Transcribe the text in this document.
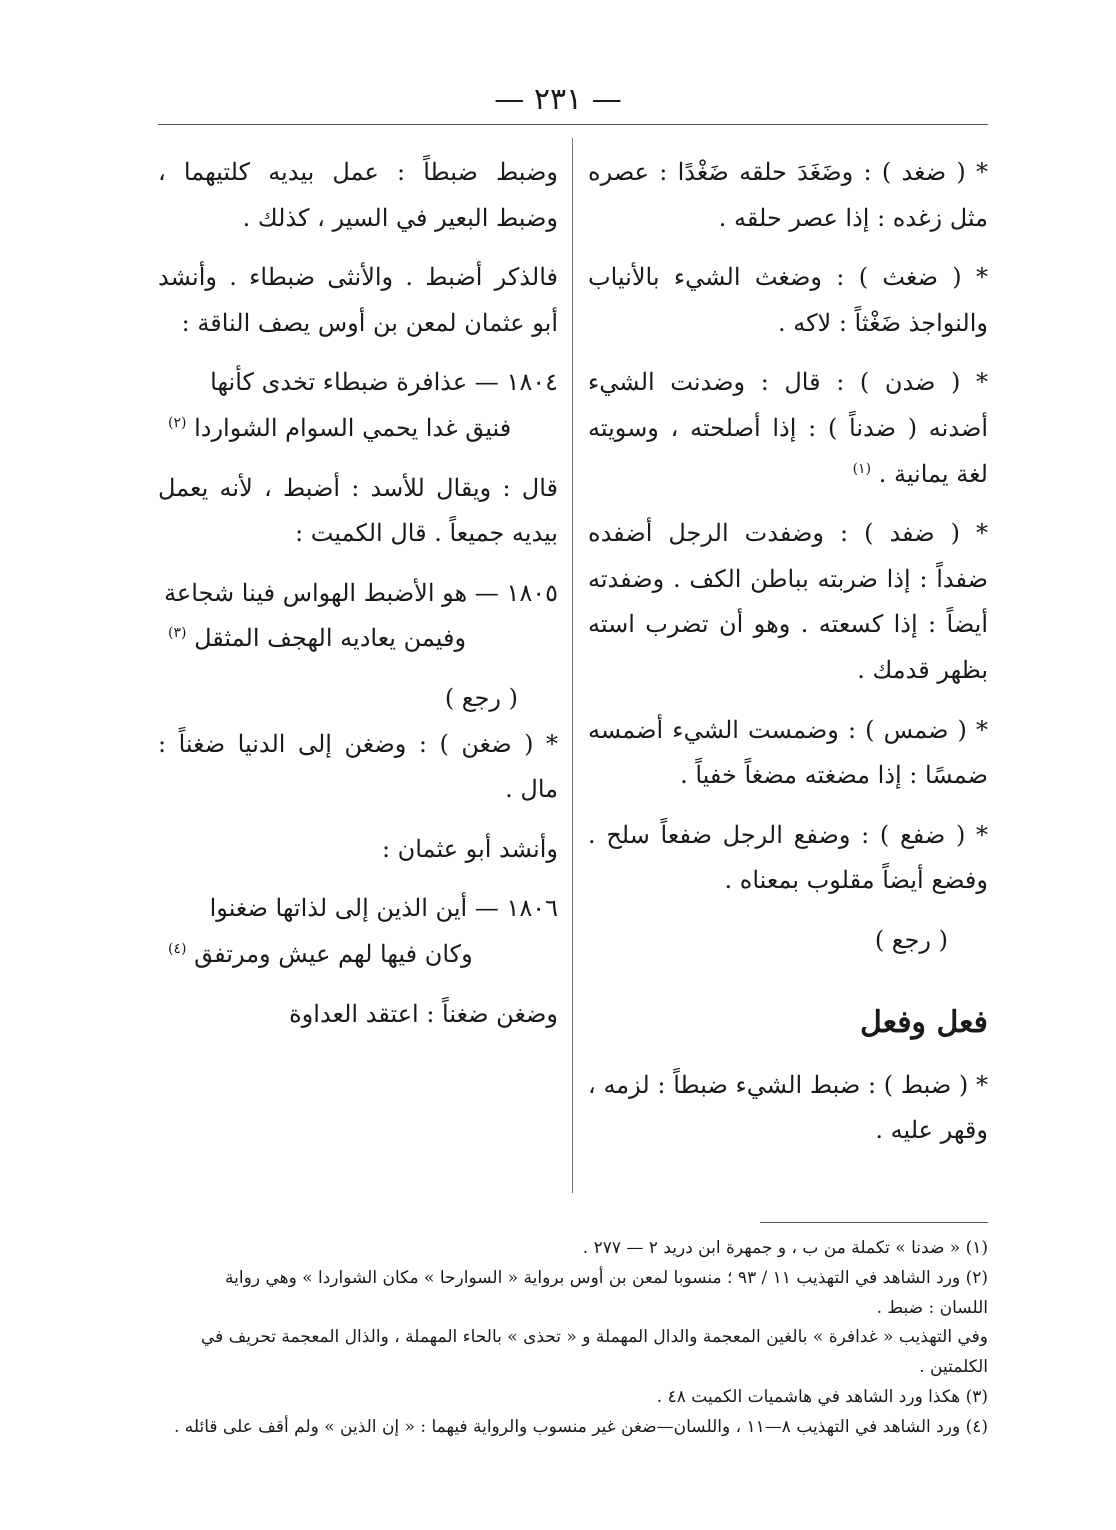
— ٢٣١ —

* ( ضغد ) : وضَغَدَ حلقه ضَغْدًا : عصره مثل زغده : إذا عصر حلقه .

* ( ضغث ) : وضغث الشيء بالأنياب والنواجذ ضَغْثاً : لاكه .

* ( ضدن ) : قال : وضدنت الشيء أضدنه ( ضدناً ) : إذا أصلحته ، وسويته لغة يمانية . $^{(١)}$

* ( ضفد ) : وضفدت الرجل أضفده ضفداً : إذا ضربته بباطن الكف . وضفدته أيضاً : إذا كسعته . وهو أن تضرب استه بظهر قدمك .

* ( ضمس ) : وضمست الشيء أضمسه ضمسًا : إذا مضغته مضغاً خفياً .

* ( ضفع ) : وضفع الرجل ضفعاً سلح . وفضع أيضاً مقلوب بمعناه .

( رجع )
فعل وفعل

* ( ضبط ) : ضبط الشيء ضبطاً : لزمه ، وقهر عليه .

وضبط ضبطاً : عمل بيديه كلتيهما ، وضبط البعير في السير ، كذلك .

فالذكر أضبط . والأنثى ضبطاء . وأنشد أبو عثمان لمعن بن أوس يصف الناقة :

١٨٠٤ — عذافرة ضبطاء تخدى كأنها
فنيق غدا يحمي السوام الشواردا $^{(٢)}$

قال : ويقال للأسد : أضبط ، لأنه يعمل بيديه جميعاً . قال الكميت :

١٨٠٥ — هو الأضبط الهواس فينا شجاعة
وفيمن يعاديه الهجف المثقل $^{(٣)}$
( رجع )

* ( ضغن ) : وضغن إلى الدنيا ضغناً : مال .

وأنشد أبو عثمان :

١٨٠٦ — أين الذين إلى لذاتها ضغنوا
وكان فيها لهم عيش ومرتفق $^{(٤)}$

وضغن ضغناً : اعتقد العداوة

(١) « ضدنا » تكملة من ب ، و جمهرة ابن دريد ٢ — ٢٧٧ .
(٢) ورد الشاهد في التهذيب ١١ / ٩٣ ؛ منسوبا لمعن بن أوس برواية « السوارحا » مكان الشواردا » وهي رواية
اللسان : ضبط .
وفي التهذيب « غدافرة » بالغين المعجمة والدال المهملة و « تحذى » بالحاء المهملة ، والذال المعجمة تحريف في الكلمتين .
(٣) هكذا ورد الشاهد في هاشميات الكميت ٤٨ .
(٤) ورد الشاهد في التهذيب ٨—١١ ، واللسان—ضغن غير منسوب والرواية فيهما : « إن الذين » ولم أقف على قائله .
